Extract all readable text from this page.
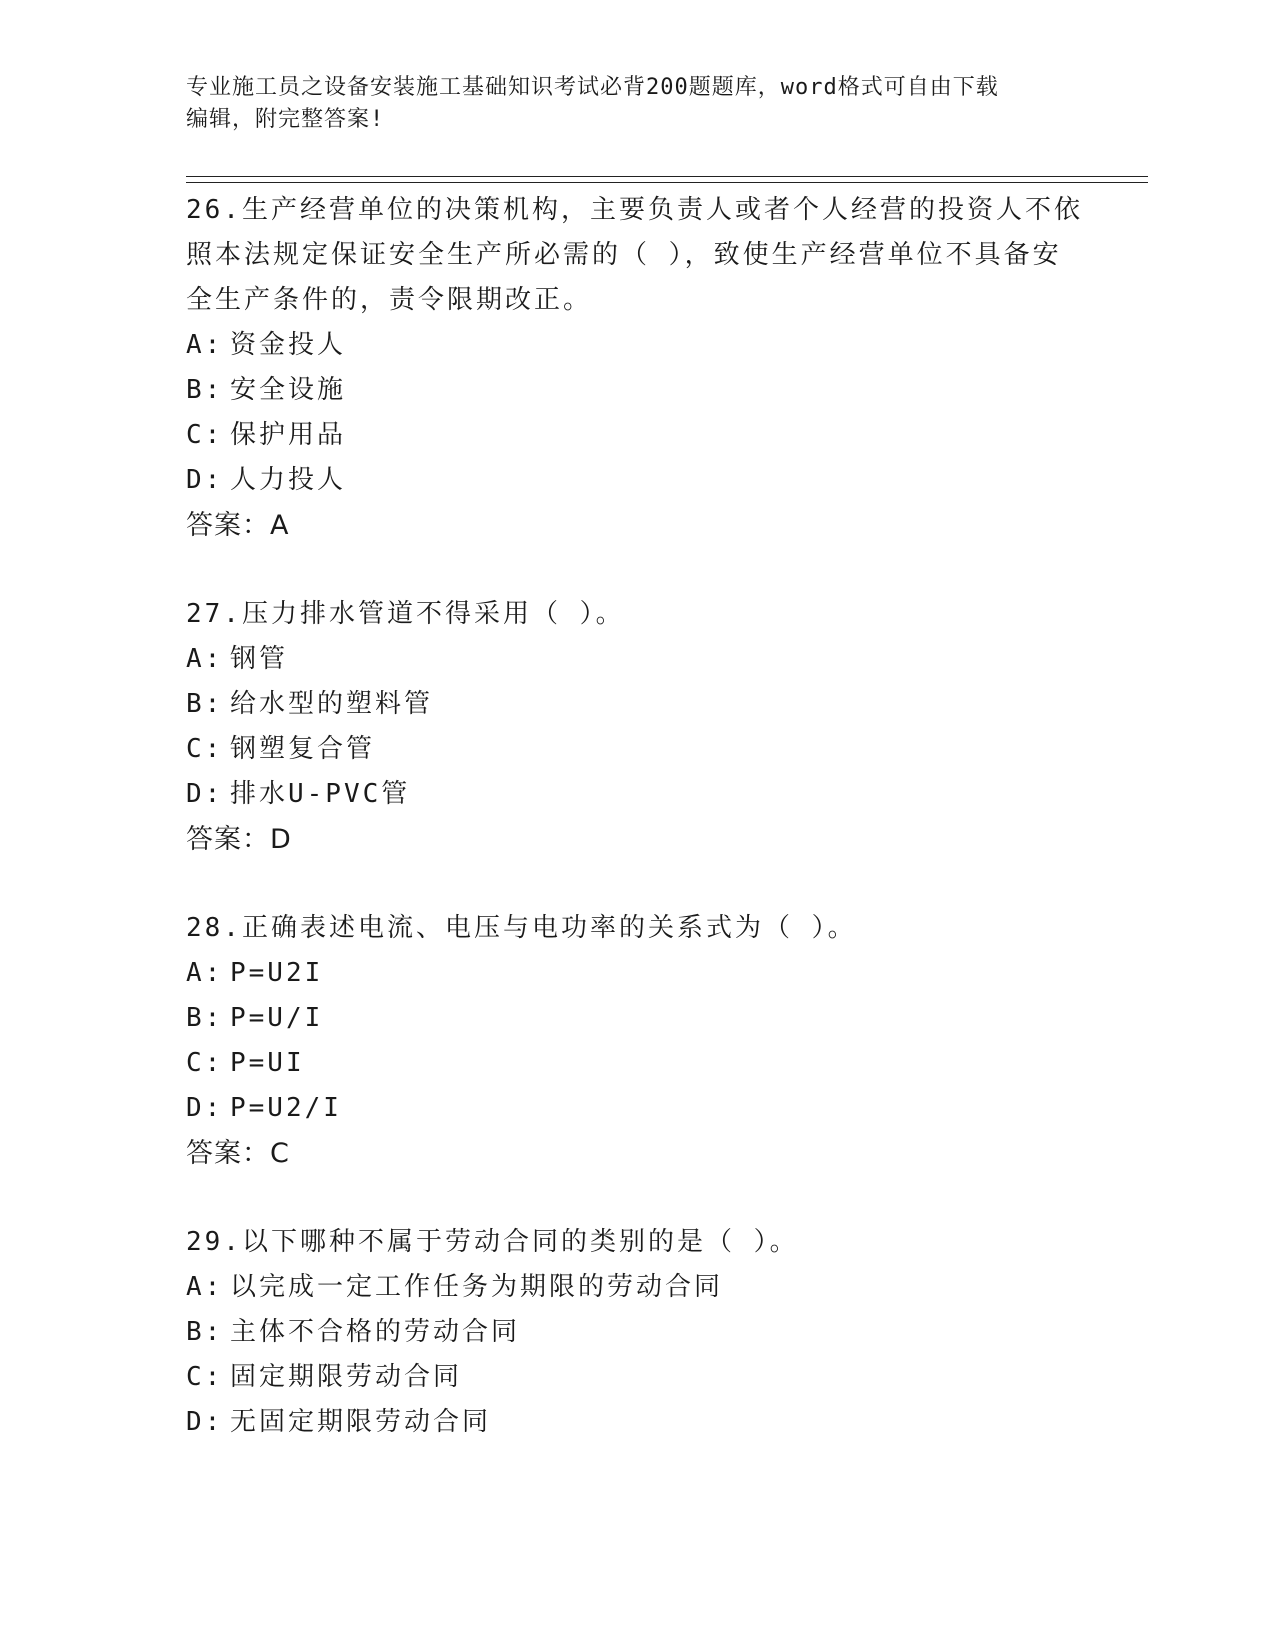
专业施工员之设备安装施工基础知识考试必背200题题库，word格式可自由下载
编辑，附完整答案!

26.生产经营单位的决策机构，主要负责人或者个人经营的投资人不依照本法规定保证安全生产所必需的（ ），致使生产经营单位不具备安全生产条件的，责令限期改正。

A: 资金投人

B: 安全设施

C: 保护用品

D: 人力投人

答案：A

27.压力排水管道不得采用（ ）。

A: 钢管

B: 给水型的塑料管

C: 钢塑复合管

D: 排水U-PVC管

答案：D

28.正确表述电流、电压与电功率的关系式为（ ）。

A: P=U2I

B: P=U/I

C: P=UI

D: P=U2/I

答案：C

29.以下哪种不属于劳动合同的类别的是（ ）。

A: 以完成一定工作任务为期限的劳动合同

B: 主体不合格的劳动合同

C: 固定期限劳动合同

D: 无固定期限劳动合同
